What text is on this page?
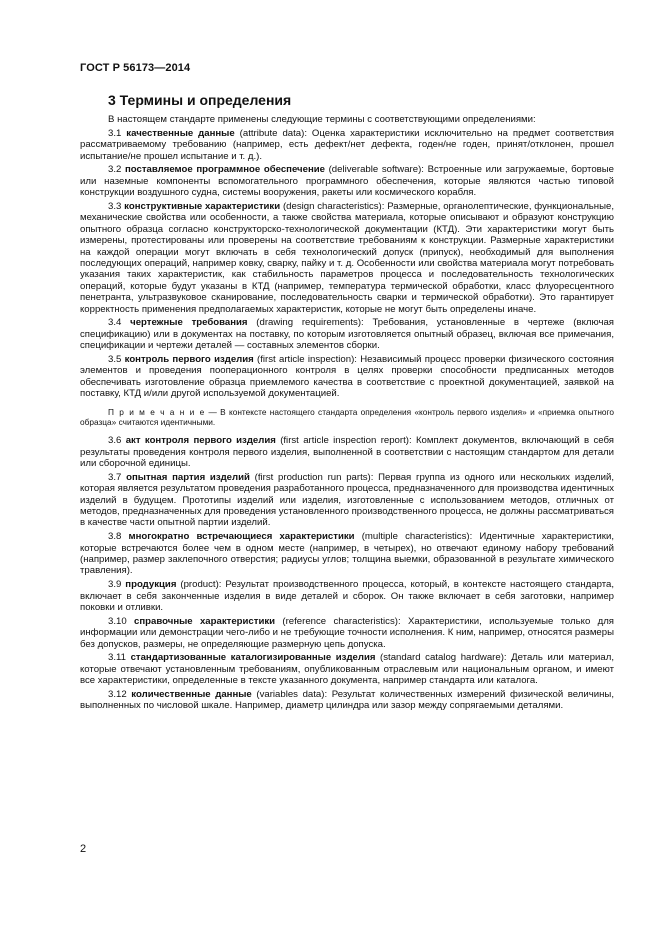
ГОСТ Р 56173—2014
3 Термины и определения

В настоящем стандарте применены следующие термины с соответствующими определениями:

3.1 качественные данные (attribute data): Оценка характеристики исключительно на предмет соответствия рассматриваемому требованию (например, есть дефект/нет дефекта, годен/не годен, принят/отклонен, прошел испытание/не прошел испытание и т. д.).

3.2 поставляемое программное обеспечение (deliverable software): Встроенные или загружаемые, бортовые или наземные компоненты вспомогательного программного обеспечения, которые являются частью типовой конструкции воздушного судна, системы вооружения, ракеты или космического корабля.

3.3 конструктивные характеристики (design characteristics): Размерные, органолептические, функциональные, механические свойства или особенности, а также свойства материала, которые описывают и образуют конструкцию опытного образца согласно конструкторско-технологической документации (КТД). Эти характеристики могут быть измерены, протестированы или проверены на соответствие требованиям к конструкции. Размерные характеристики на каждой операции могут включать в себя технологический допуск (припуск), необходимый для выполнения последующих операций, например ковку, сварку, пайку и т. д. Особенности или свойства материала могут потребовать указания таких характеристик, как стабильность параметров процесса и последовательность технологических операций, которые будут указаны в КТД (например, температура термической обработки, класс флуоресцентного пенетранта, ультразвуковое сканирование, последовательность сварки и термической обработки). Это гарантирует корректность применения предполагаемых характеристик, которые не могут быть определены иначе.

3.4 чертежные требования (drawing requirements): Требования, установленные в чертеже (включая спецификацию) или в документах на поставку, по которым изготовляется опытный образец, включая все примечания, спецификации и чертежи деталей — составных элементов сборки.

3.5 контроль первого изделия (first article inspection): Независимый процесс проверки физического состояния элементов и проведения пооперационного контроля в целях проверки способности предписанных методов обеспечивать изготовление образца приемлемого качества в соответствие с проектной документацией, заявкой на поставку, КТД и/или другой используемой документацией.

П р и м е ч а н и е — В контексте настоящего стандарта определения «контроль первого изделия» и «приемка опытного образца» считаются идентичными.

3.6 акт контроля первого изделия (first article inspection report): Комплект документов, включающий в себя результаты проведения контроля первого изделия, выполненной в соответствии с настоящим стандартом для детали или сборочной единицы.

3.7 опытная партия изделий (first production run parts): Первая группа из одного или нескольких изделий, которая является результатом проведения разработанного процесса, предназначенного для производства идентичных изделий в будущем. Прототипы изделий или изделия, изготовленные с использованием методов, отличных от методов, предназначенных для проведения установленного производственного процесса, не должны рассматриваться в качестве части опытной партии изделий.

3.8 многократно встречающиеся характеристики (multiple characteristics): Идентичные характеристики, которые встречаются более чем в одном месте (например, в четырех), но отвечают единому набору требований (например, размер заклепочного отверстия; радиусы углов; толщина выемки, образованной в результате химического травления).

3.9 продукция (product): Результат производственного процесса, который, в контексте настоящего стандарта, включает в себя законченные изделия в виде деталей и сборок. Он также включает в себя заготовки, например поковки и отливки.

3.10 справочные характеристики (reference characteristics): Характеристики, используемые только для информации или демонстрации чего-либо и не требующие точности исполнения. К ним, например, относятся размеры без допусков, размеры, не определяющие размерную цепь допуска.

3.11 стандартизованные каталогизированные изделия (standard catalog hardware): Деталь или материал, которые отвечают установленным требованиям, опубликованным отраслевым или национальным органом, и имеют все характеристики, определенные в тексте указанного документа, например стандарта или каталога.

3.12 количественные данные (variables data): Результат количественных измерений физической величины, выполненных по числовой шкале. Например, диаметр цилиндра или зазор между сопрягаемыми деталями.

2
